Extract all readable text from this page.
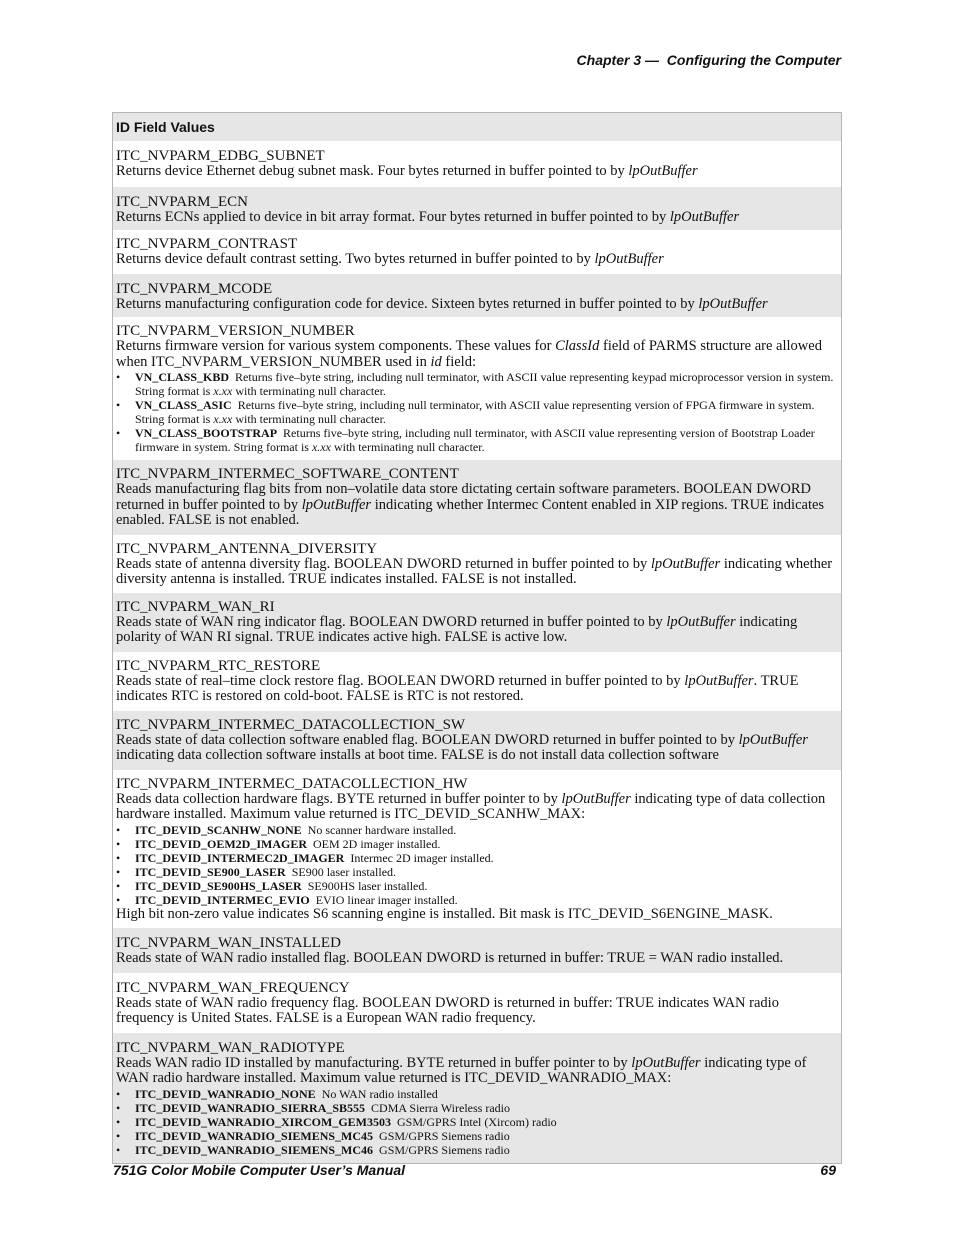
Chapter 3 —  Configuring the Computer
ID Field Values
ITC_NVPARM_EDBG_SUBNET
Returns device Ethernet debug subnet mask. Four bytes returned in buffer pointed to by lpOutBuffer
ITC_NVPARM_ECN
Returns ECNs applied to device in bit array format. Four bytes returned in buffer pointed to by lpOutBuffer
ITC_NVPARM_CONTRAST
Returns device default contrast setting. Two bytes returned in buffer pointed to by lpOutBuffer
ITC_NVPARM_MCODE
Returns manufacturing configuration code for device. Sixteen bytes returned in buffer pointed to by lpOutBuffer
ITC_NVPARM_VERSION_NUMBER
Returns firmware version for various system components. These values for ClassId field of PARMS structure are allowed when ITC_NVPARM_VERSION_NUMBER used in id field:
•	VN_CLASS_KBD Returns five–byte string, including null terminator, with ASCII value representing keypad microprocessor version in system. String format is x.xx with terminating null character.
•	VN_CLASS_ASIC Returns five–byte string, including null terminator, with ASCII value representing version of FPGA firmware in system. String format is x.xx with terminating null character.
•	VN_CLASS_BOOTSTRAP Returns five–byte string, including null terminator, with ASCII value representing version of Bootstrap Loader firmware in system. String format is x.xx with terminating null character.
ITC_NVPARM_INTERMEC_SOFTWARE_CONTENT
Reads manufacturing flag bits from non–volatile data store dictating certain software parameters. BOOLEAN DWORD returned in buffer pointed to by lpOutBuffer indicating whether Intermec Content enabled in XIP regions. TRUE indicates enabled. FALSE is not enabled.
ITC_NVPARM_ANTENNA_DIVERSITY
Reads state of antenna diversity flag. BOOLEAN DWORD returned in buffer pointed to by lpOutBuffer indicating whether diversity antenna is installed. TRUE indicates installed. FALSE is not installed.
ITC_NVPARM_WAN_RI
Reads state of WAN ring indicator flag. BOOLEAN DWORD returned in buffer pointed to by lpOutBuffer indicating polarity of WAN RI signal. TRUE indicates active high. FALSE is active low.
ITC_NVPARM_RTC_RESTORE
Reads state of real–time clock restore flag. BOOLEAN DWORD returned in buffer pointed to by lpOutBuffer. TRUE indicates RTC is restored on cold-boot. FALSE is RTC is not restored.
ITC_NVPARM_INTERMEC_DATACOLLECTION_SW
Reads state of data collection software enabled flag. BOOLEAN DWORD returned in buffer pointed to by lpOutBuffer indicating data collection software installs at boot time. FALSE is do not install data collection software
ITC_NVPARM_INTERMEC_DATACOLLECTION_HW
Reads data collection hardware flags. BYTE returned in buffer pointer to by lpOutBuffer indicating type of data collection hardware installed. Maximum value returned is ITC_DEVID_SCANHW_MAX:
•	ITC_DEVID_SCANHW_NONE No scanner hardware installed.
•	ITC_DEVID_OEM2D_IMAGER OEM 2D imager installed.
•	ITC_DEVID_INTERMEC2D_IMAGER Intermec 2D imager installed.
•	ITC_DEVID_SE900_LASER SE900 laser installed.
•	ITC_DEVID_SE900HS_LASER SE900HS laser installed.
•	ITC_DEVID_INTERMEC_EVIO EVIO linear imager installed.
High bit non-zero value indicates S6 scanning engine is installed. Bit mask is ITC_DEVID_S6ENGINE_MASK.
ITC_NVPARM_WAN_INSTALLED
Reads state of WAN radio installed flag. BOOLEAN DWORD is returned in buffer: TRUE = WAN radio installed.
ITC_NVPARM_WAN_FREQUENCY
Reads state of WAN radio frequency flag. BOOLEAN DWORD is returned in buffer: TRUE indicates WAN radio frequency is United States. FALSE is a European WAN radio frequency.
ITC_NVPARM_WAN_RADIOTYPE
Reads WAN radio ID installed by manufacturing. BYTE returned in buffer pointer to by lpOutBuffer indicating type of WAN radio hardware installed. Maximum value returned is ITC_DEVID_WANRADIO_MAX:
•	ITC_DEVID_WANRADIO_NONE No WAN radio installed
•	ITC_DEVID_WANRADIO_SIERRA_SB555 CDMA Sierra Wireless radio
•	ITC_DEVID_WANRADIO_XIRCOM_GEM3503 GSM/GPRS Intel (Xircom) radio
•	ITC_DEVID_WANRADIO_SIEMENS_MC45 GSM/GPRS Siemens radio
•	ITC_DEVID_WANRADIO_SIEMENS_MC46 GSM/GPRS Siemens radio
751G Color Mobile Computer User’s Manual	69
